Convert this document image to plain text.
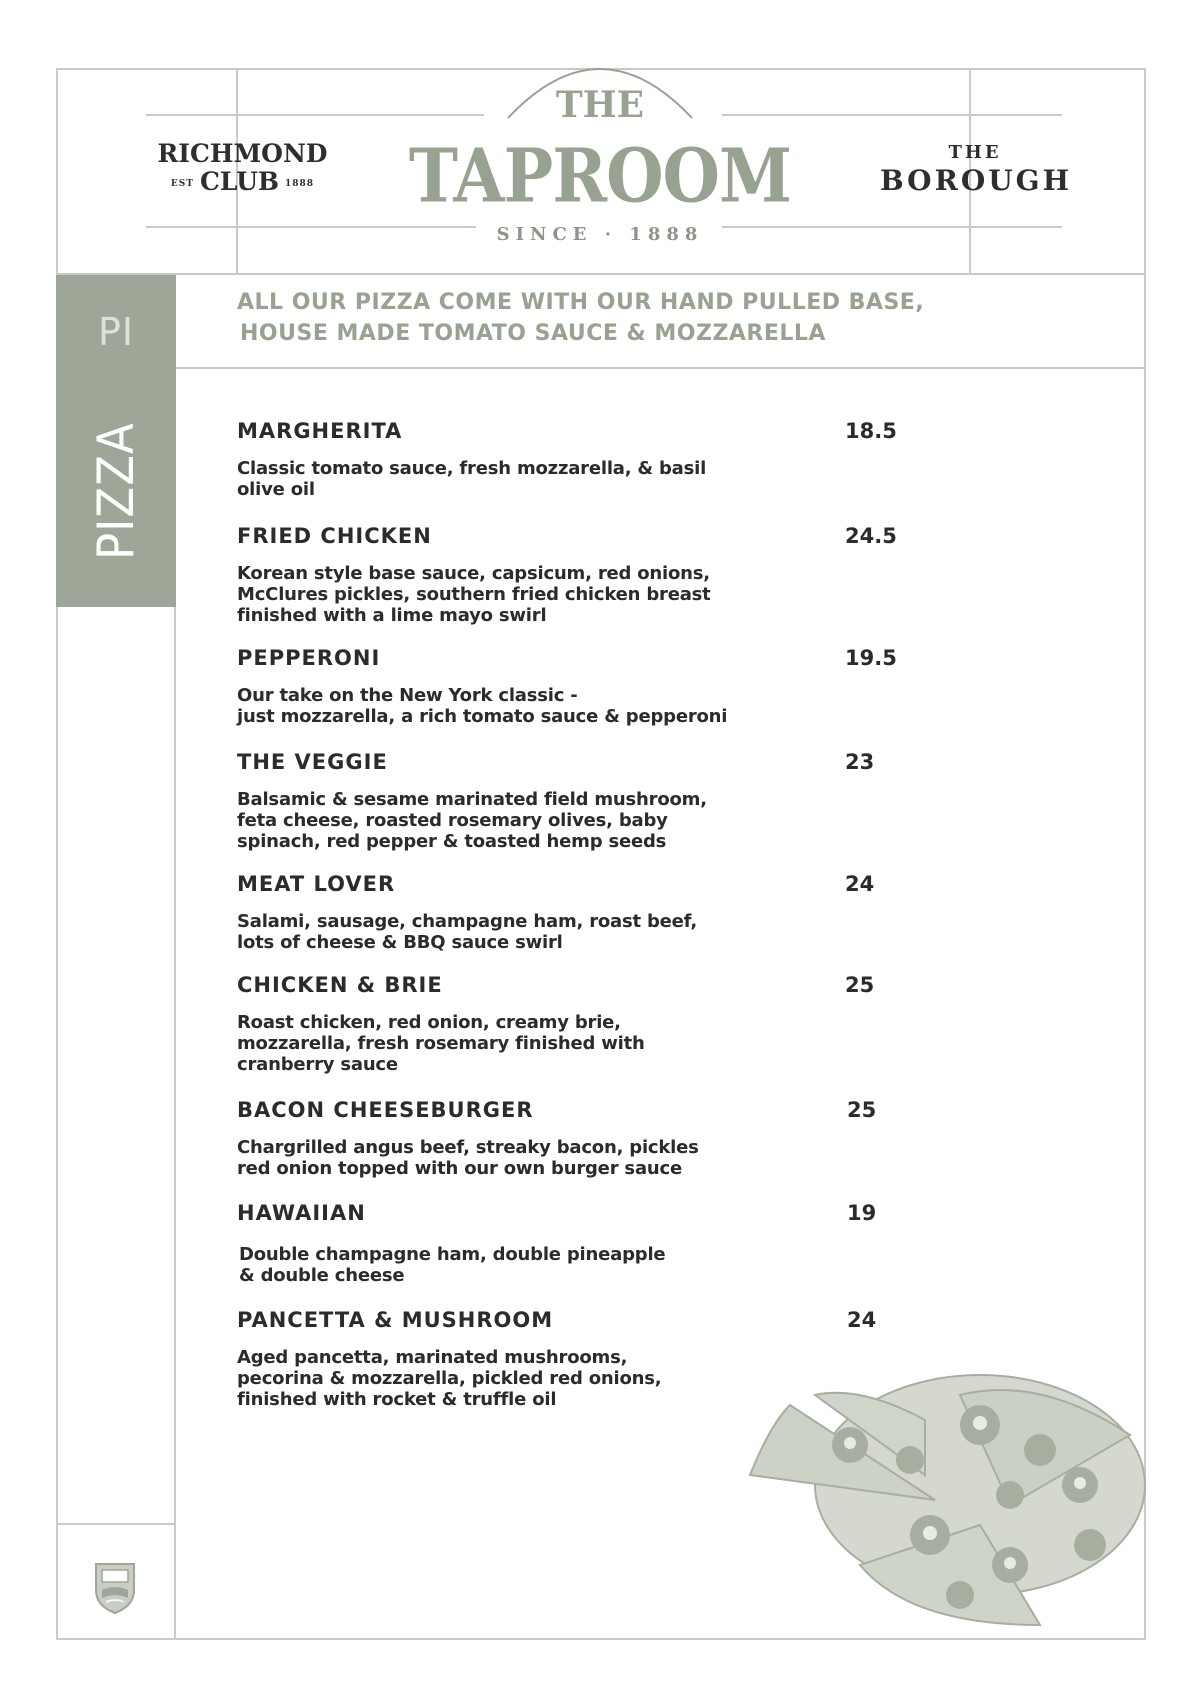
RICHMOND
EST CLUB 1888
THE
TAPROOM
SINCE · 1888
THE
BOROUGH
PI
PIZZA
ALL OUR PIZZA COME WITH OUR HAND PULLED BASE,
HOUSE MADE TOMATO SAUCE & MOZZARELLA
MARGHERITA	18.5
Classic tomato sauce, fresh mozzarella, & basil
olive oil
FRIED CHICKEN	24.5
Korean style base sauce, capsicum, red onions,
McClures pickles, southern fried chicken breast
finished with a lime mayo swirl
PEPPERONI	19.5
Our take on the New York classic -
just mozzarella, a rich tomato sauce & pepperoni
THE VEGGIE	23
Balsamic & sesame marinated field mushroom,
feta cheese, roasted rosemary olives, baby
spinach, red pepper & toasted hemp seeds
MEAT LOVER	24
Salami, sausage, champagne ham, roast beef,
lots of cheese & BBQ sauce swirl
CHICKEN & BRIE	25
Roast chicken, red onion, creamy brie,
mozzarella, fresh rosemary finished with
cranberry sauce
BACON CHEESEBURGER	25
Chargrilled angus beef, streaky bacon, pickles
red onion topped with our own burger sauce
HAWAIIAN	19
Double champagne ham, double pineapple
& double cheese
PANCETTA & MUSHROOM	24
Aged pancetta, marinated mushrooms,
pecorina & mozzarella, pickled red onions,
finished with rocket & truffle oil
